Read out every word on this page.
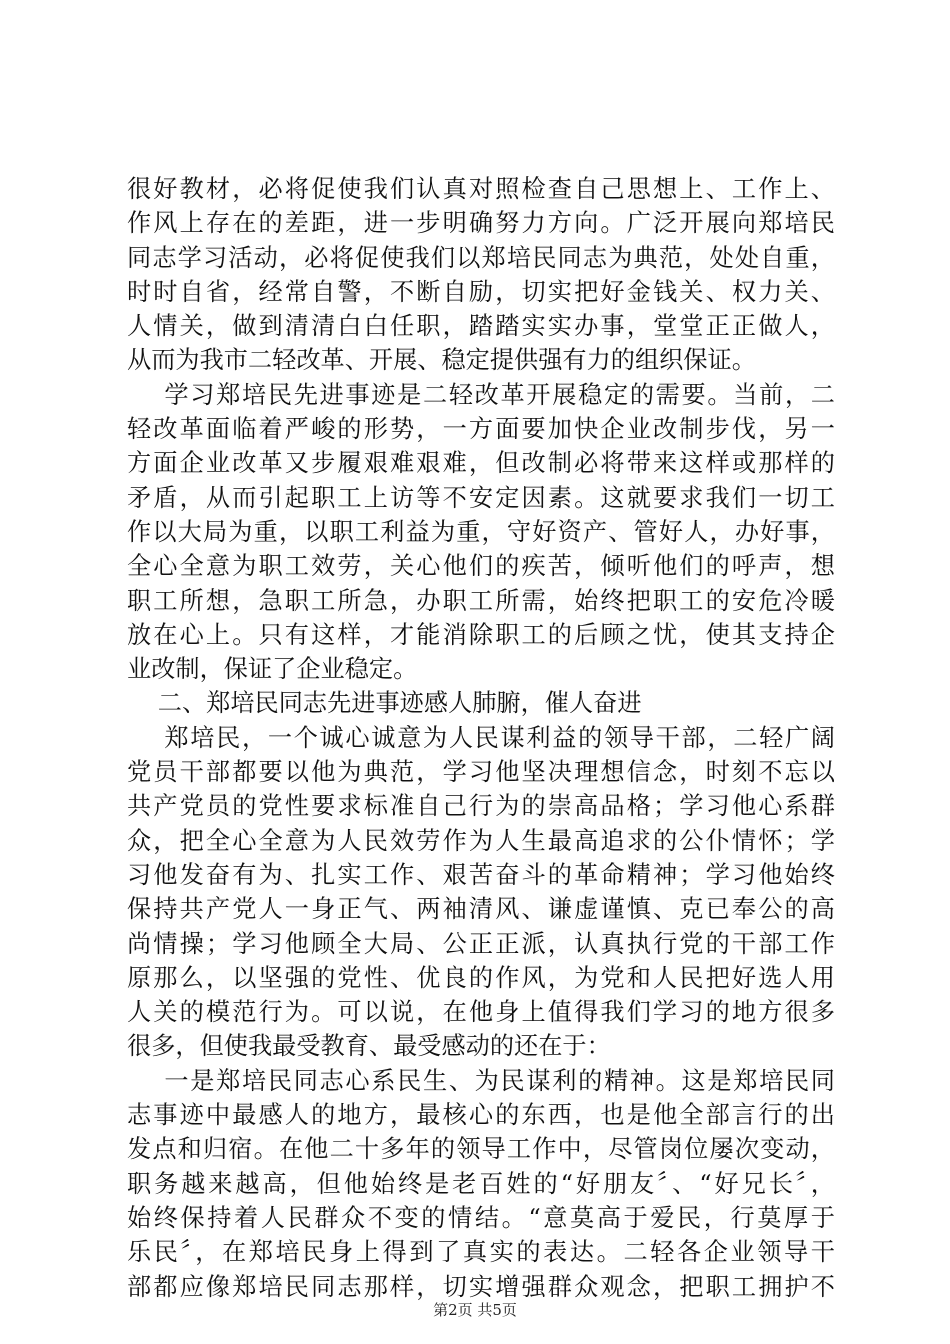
很好教材，必将促使我们认真对照检查自己思想上、工作上、
作风上存在的差距，进一步明确努力方向。广泛开展向郑培民
同志学习活动，必将促使我们以郑培民同志为典范，处处自重，
时时自省，经常自警，不断自励，切实把好金钱关、权力关、
人情关，做到清清白白任职，踏踏实实办事，堂堂正正做人，
从而为我市二轻改革、开展、稳定提供强有力的组织保证。
学习郑培民先进事迹是二轻改革开展稳定的需要。当前，二
轻改革面临着严峻的形势，一方面要加快企业改制步伐，另一
方面企业改革又步履艰难艰难，但改制必将带来这样或那样的
矛盾，从而引起职工上访等不安定因素。这就要求我们一切工
作以大局为重，以职工利益为重，守好资产、管好人，办好事，
全心全意为职工效劳，关心他们的疾苦，倾听他们的呼声，想
职工所想，急职工所急，办职工所需，始终把职工的安危冷暖
放在心上。只有这样，才能消除职工的后顾之忧，使其支持企
业改制，保证了企业稳定。
二、郑培民同志先进事迹感人肺腑，催人奋进
郑培民，一个诚心诚意为人民谋利益的领导干部，二轻广阔
党员干部都要以他为典范，学习他坚决理想信念，时刻不忘以
共产党员的党性要求标准自己行为的崇高品格；学习他心系群
众，把全心全意为人民效劳作为人生最高追求的公仆情怀；学
习他发奋有为、扎实工作、艰苦奋斗的革命精神；学习他始终
保持共产党人一身正气、两袖清风、谦虚谨慎、克已奉公的高
尚情操；学习他顾全大局、公正正派，认真执行党的干部工作
原那么，以坚强的党性、优良的作风，为党和人民把好选人用
人关的模范行为。可以说，在他身上值得我们学习的地方很多
很多，但使我最受教育、最受感动的还在于：
一是郑培民同志心系民生、为民谋利的精神。这是郑培民同
志事迹中最感人的地方，最核心的东西，也是他全部言行的出
发点和归宿。在他二十多年的领导工作中，尽管岗位屡次变动，
职务越来越高，但他始终是老百姓的“好朋友〞、“好兄长〞，
始终保持着人民群众不变的情结。“意莫高于爱民，行莫厚于
乐民〞，在郑培民身上得到了真实的表达。二轻各企业领导干
部都应像郑培民同志那样，切实增强群众观念，把职工拥护不
第2页 共5页
